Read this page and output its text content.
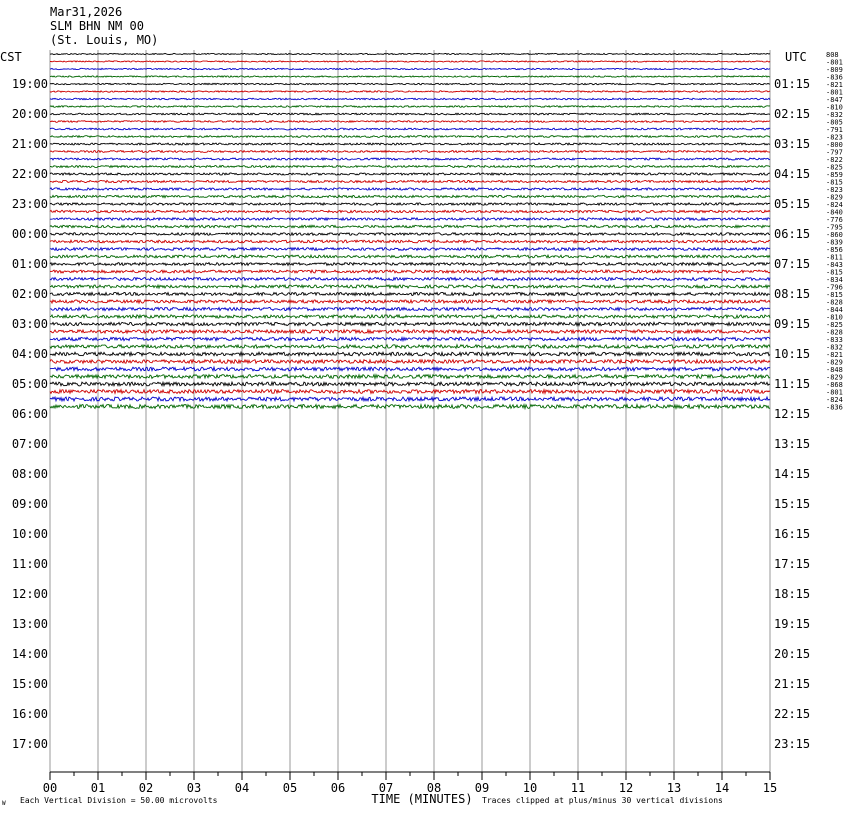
Mar31,2026
SLM BHN NM 00
(St. Louis, MO)
19:00
20:00
21:00
22:00
23:00
00:00
01:00
02:00
03:00
04:00
05:00
06:00
07:00
08:00
09:00
10:00
11:00
12:00
13:00
14:00
15:00
16:00
17:00
01:15
02:15
03:15
04:15
05:15
06:15
07:15
08:15
09:15
10:15
11:15
12:15
13:15
14:15
15:15
16:15
17:15
18:15
19:15
20:15
21:15
22:15
23:15
808
-801
-809
-836
-821
-801
-847
-810
-832
-805
-791
-823
-800
-797
-822
-825
-859
-815
-823
-829
-824
-840
-776
-795
-860
-839
-856
-811
-843
-815
-834
-796
-815
-828
-844
-810
-825
-828
-833
-832
-821
-829
-848
-829
-868
-801
-824
-836
00	01	02	03	04	05	06	07	08	09	10	11	12	13	14	15
CST	UTC
TIME (MINUTES)
Each Vertical Division = 50.00 microvolts	Traces clipped at plus/minus 30 vertical divisions
W
